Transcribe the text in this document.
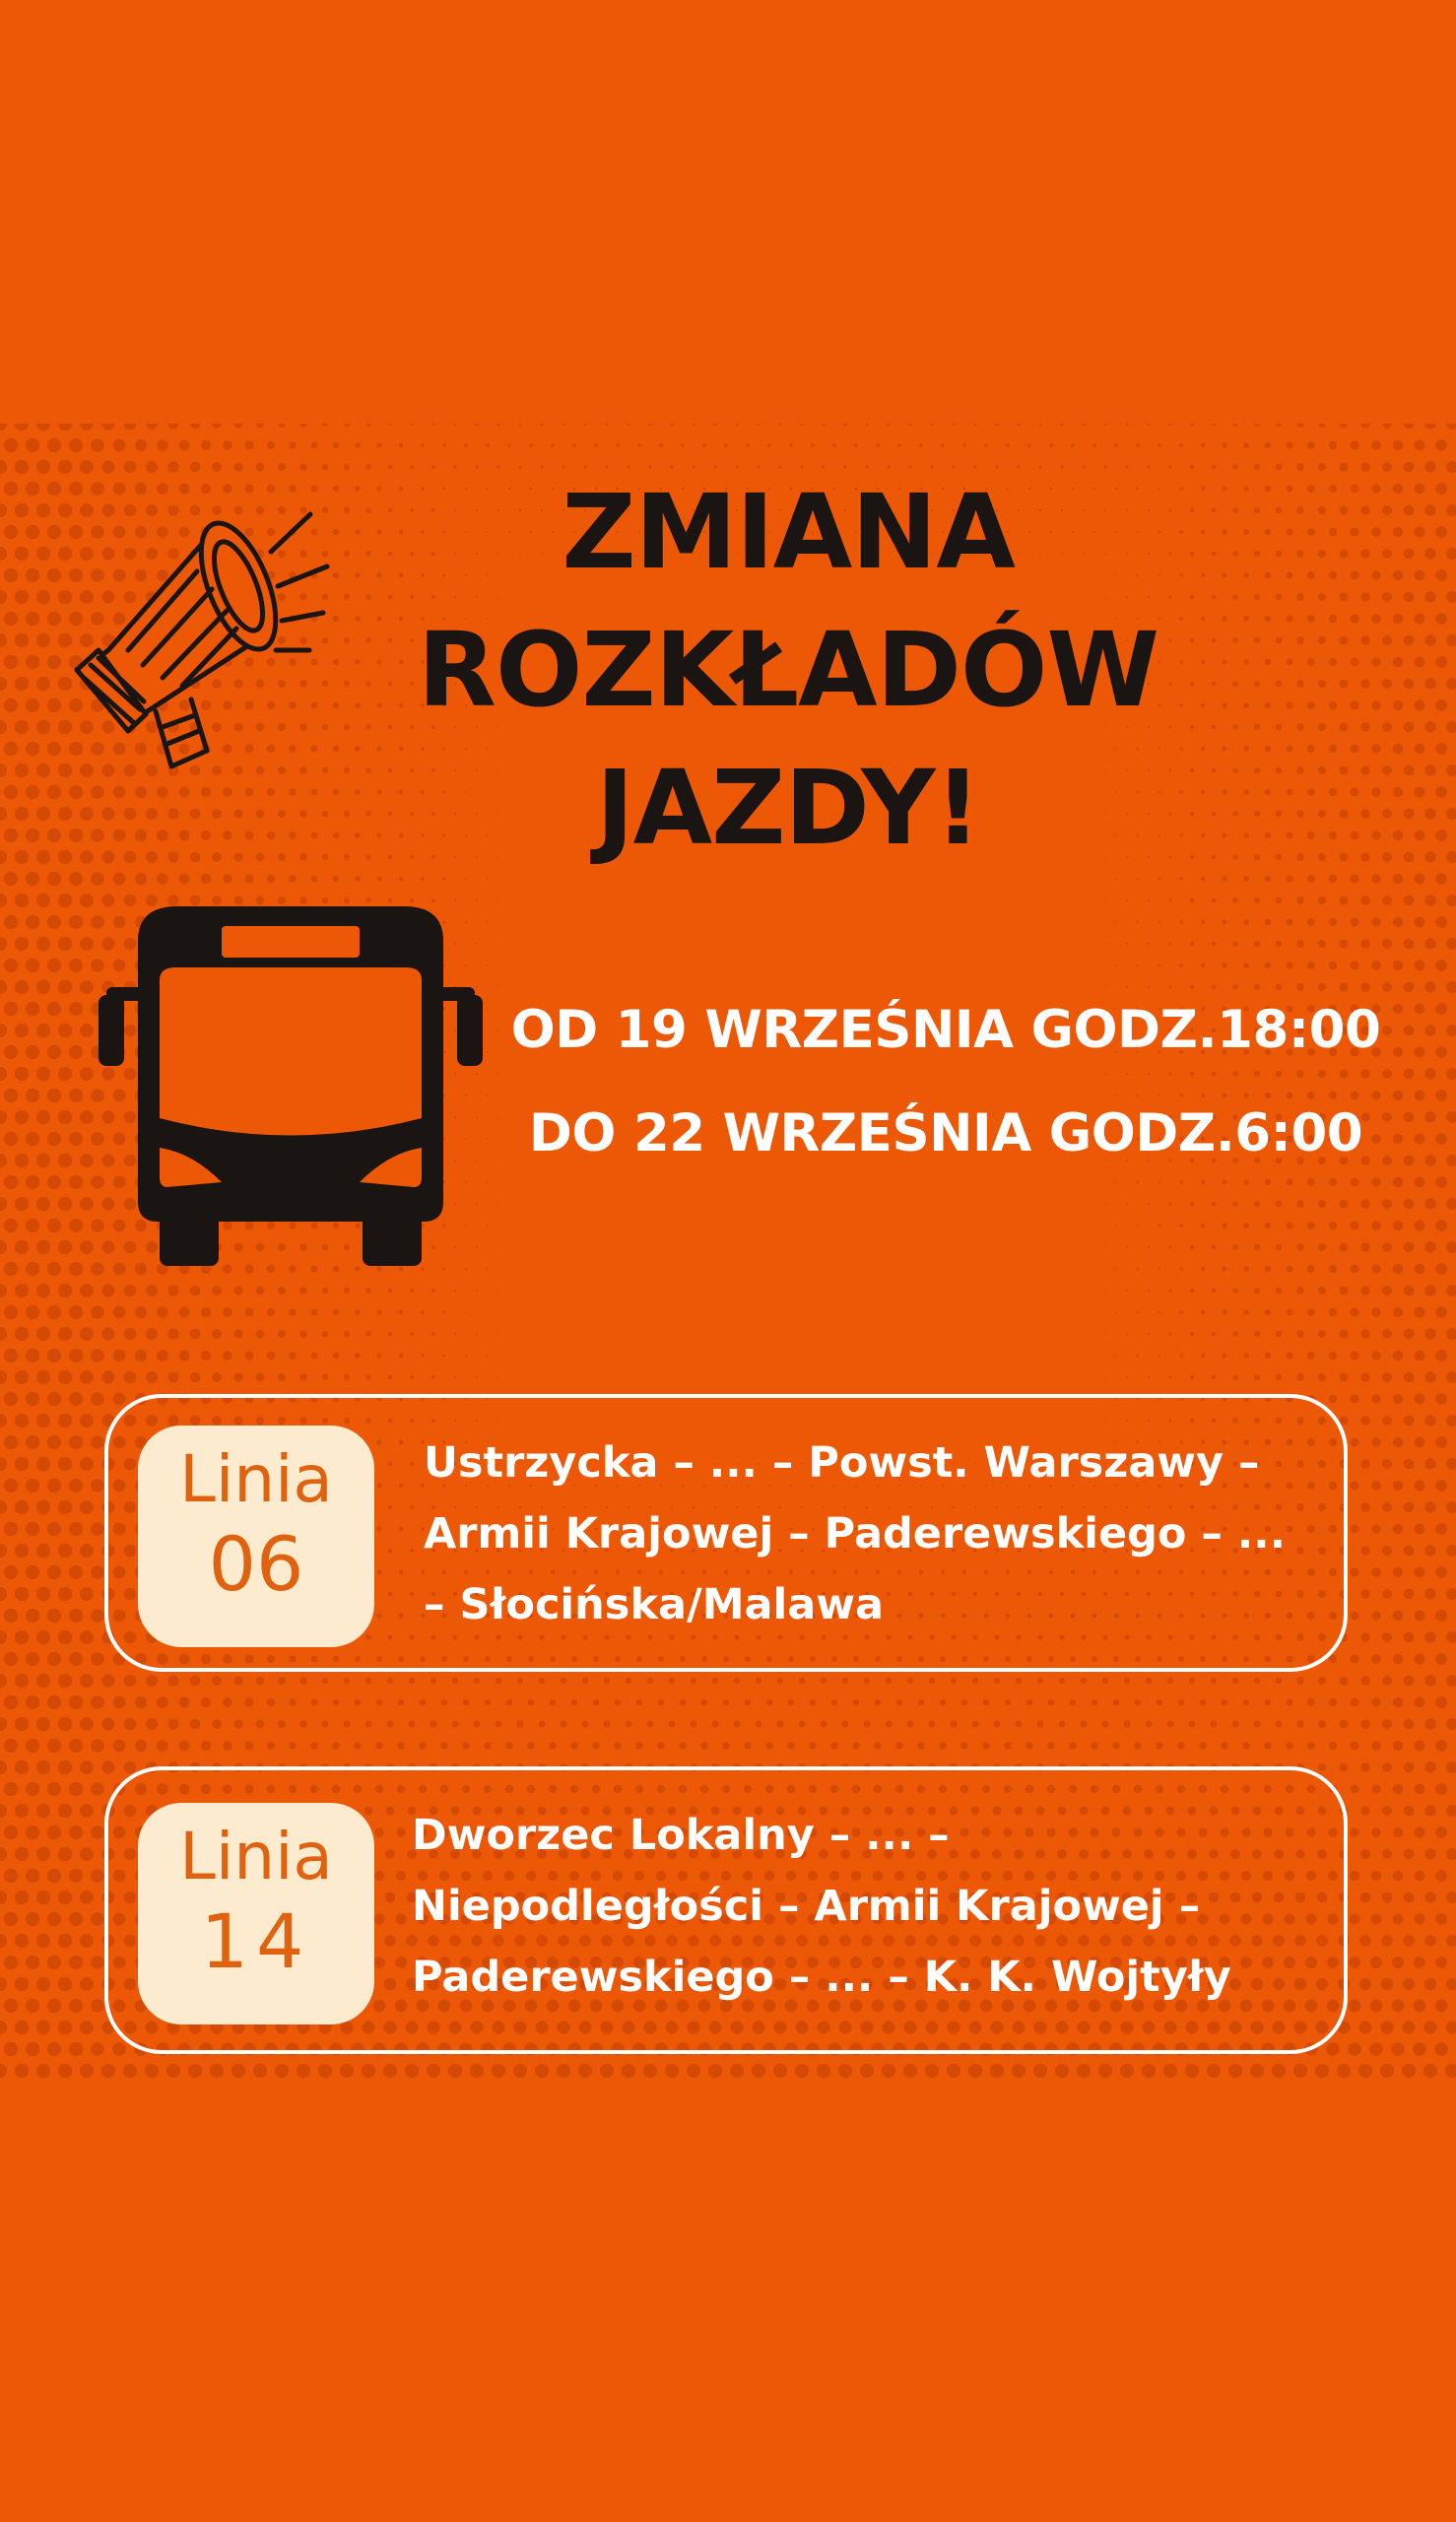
ZMIANA
ROZKŁADÓW
JAZDY!
OD 19 WRZEŚNIA GODZ.18:00
DO 22 WRZEŚNIA GODZ.6:00
Linia
06
Ustrzycka – ... – Powst. Warszawy –
Armii Krajowej – Paderewskiego – ...
– Słocińska/Malawa
Linia
14
Dworzec Lokalny – ... –
Niepodległości – Armii Krajowej –
Paderewskiego – ... – K. K. Wojtyły
